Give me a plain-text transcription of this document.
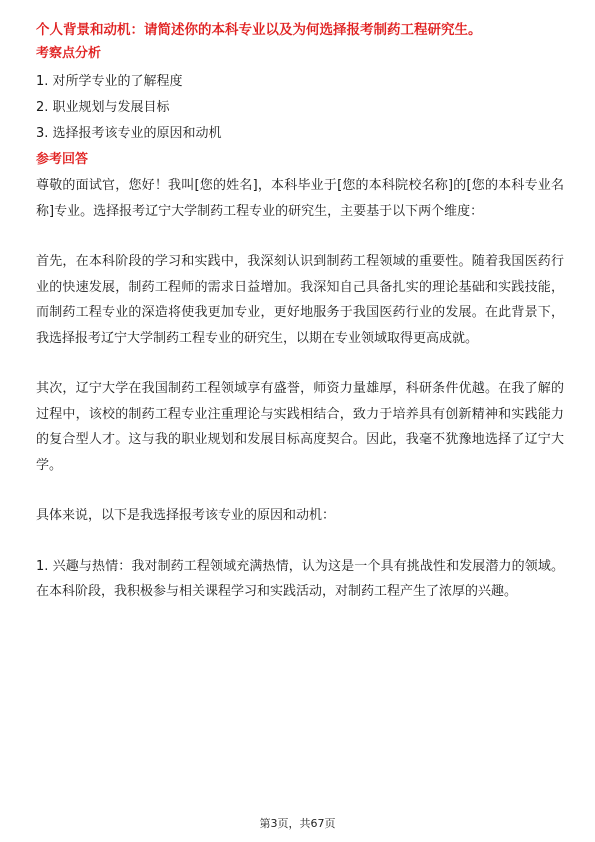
个人背景和动机：请简述你的本科专业以及为何选择报考制药工程研究生。
考察点分析
1. 对所学专业的了解程度
2. 职业规划与发展目标
3. 选择报考该专业的原因和动机
参考回答

尊敬的面试官，您好！我叫[您的姓名]，本科毕业于[您的本科院校名称]的[您的本科专业名称]专业。选择报考辽宁大学制药工程专业的研究生，主要基于以下两个维度：

首先，在本科阶段的学习和实践中，我深刻认识到制药工程领域的重要性。随着我国医药行业的快速发展，制药工程师的需求日益增加。我深知自己具备扎实的理论基础和实践技能，而制药工程专业的深造将使我更加专业，更好地服务于我国医药行业的发展。在此背景下，我选择报考辽宁大学制药工程专业的研究生，以期在专业领域取得更高成就。

其次，辽宁大学在我国制药工程领域享有盛誉，师资力量雄厚，科研条件优越。在我了解的过程中，该校的制药工程专业注重理论与实践相结合，致力于培养具有创新精神和实践能力的复合型人才。这与我的职业规划和发展目标高度契合。因此，我毫不犹豫地选择了辽宁大学。

具体来说，以下是我选择报考该专业的原因和动机：

1. 兴趣与热情：我对制药工程领域充满热情，认为这是一个具有挑战性和发展潜力的领域。在本科阶段，我积极参与相关课程学习和实践活动，对制药工程产生了浓厚的兴趣。

第3页，共67页
